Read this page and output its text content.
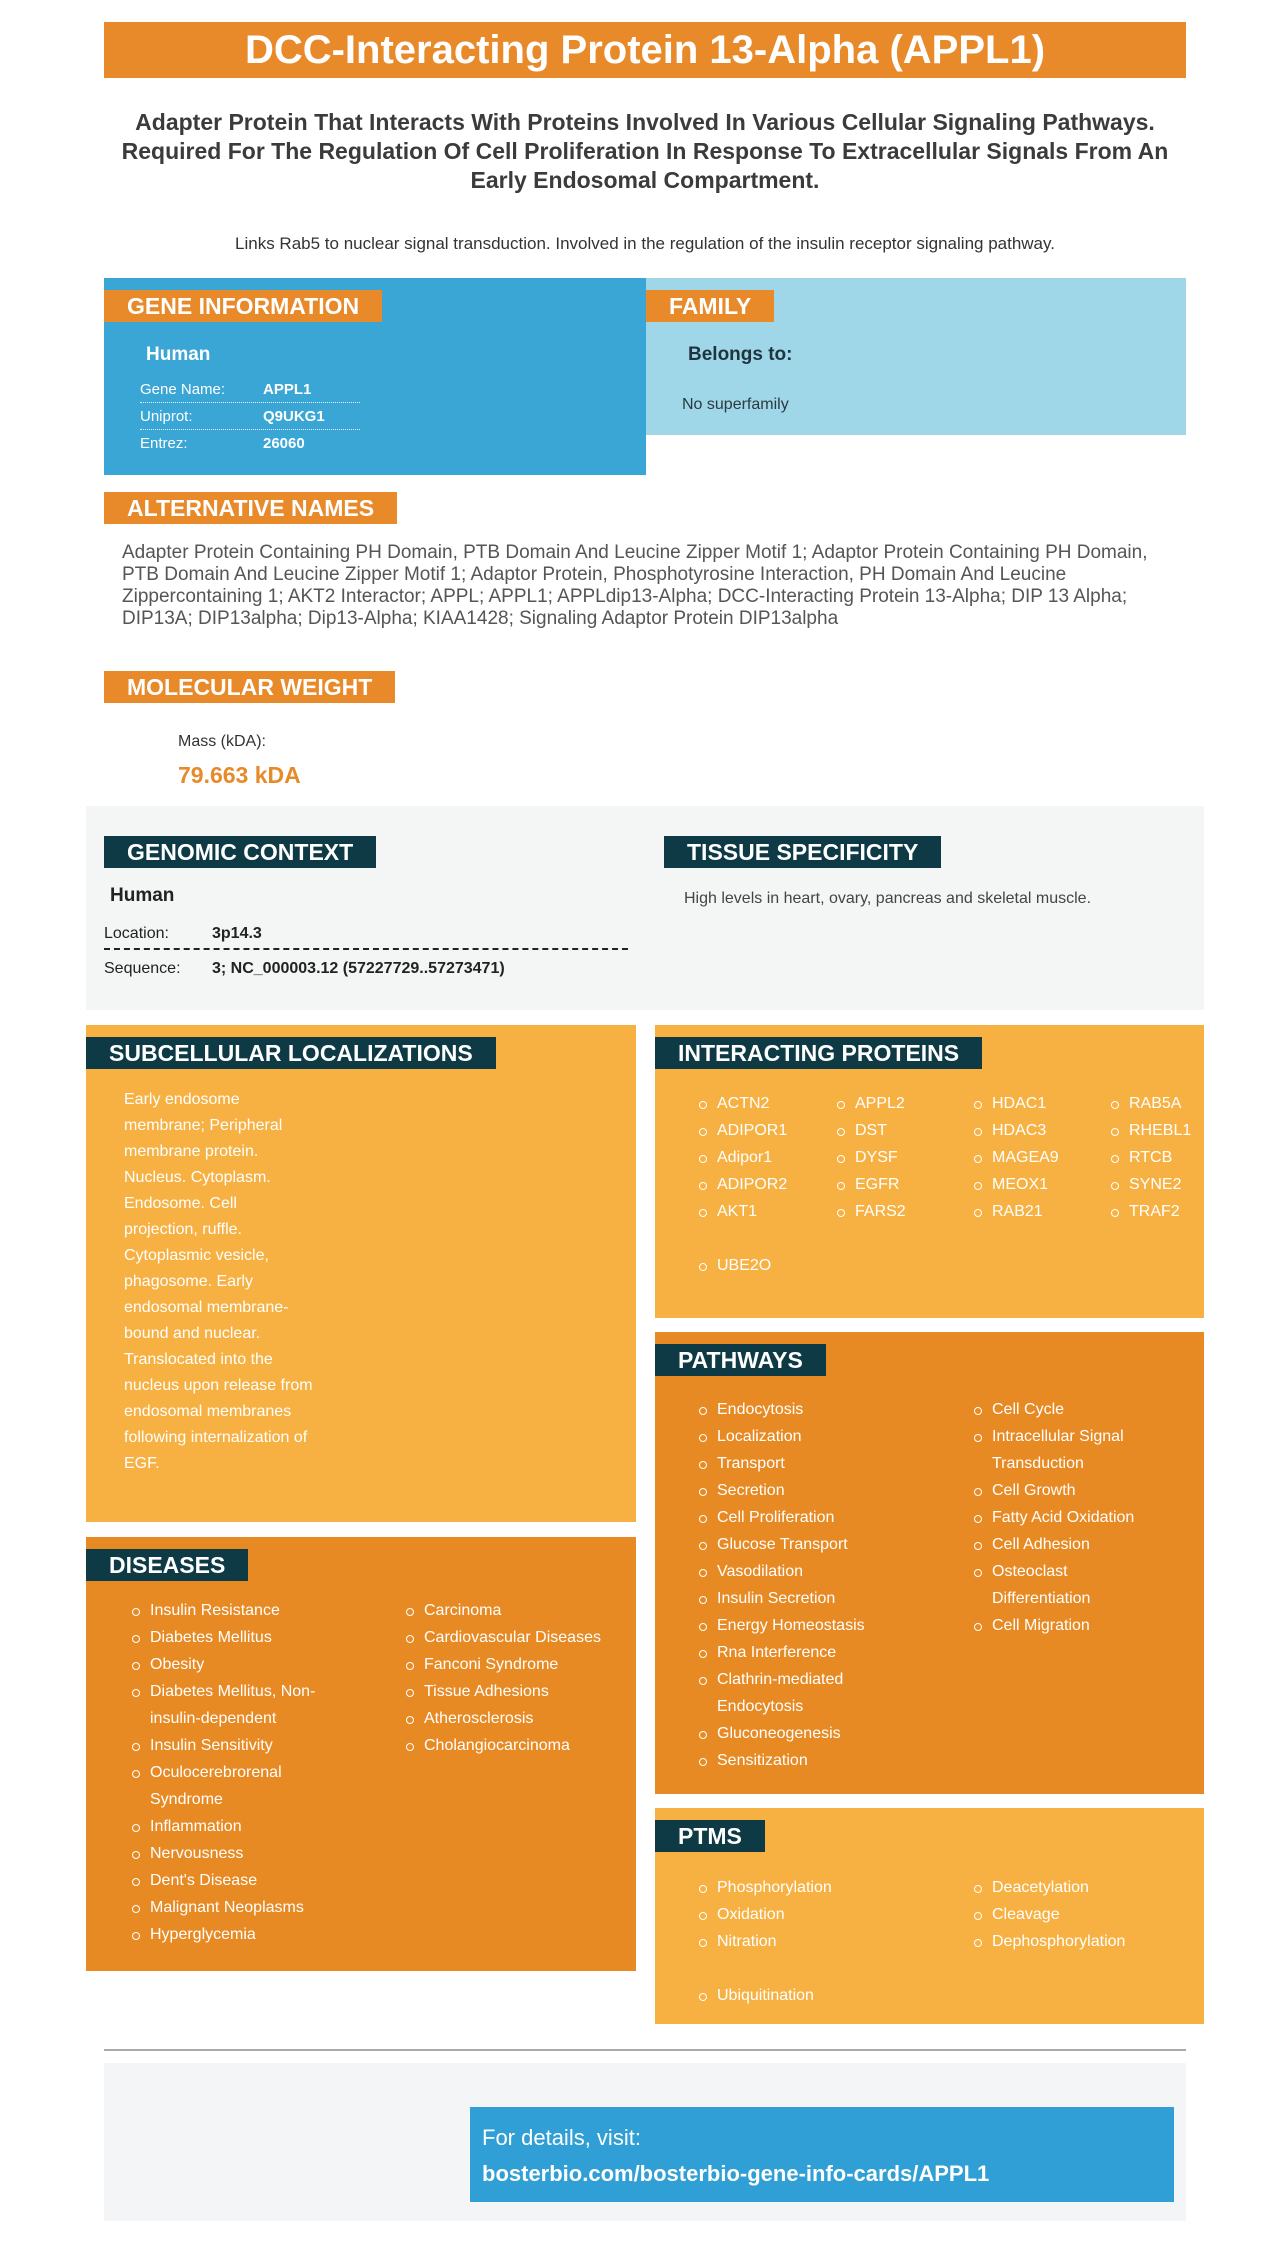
DCC-Interacting Protein 13-Alpha (APPL1)
Adapter Protein That Interacts With Proteins Involved In Various Cellular Signaling Pathways. Required For The Regulation Of Cell Proliferation In Response To Extracellular Signals From An Early Endosomal Compartment.
Links Rab5 to nuclear signal transduction. Involved in the regulation of the insulin receptor signaling pathway.
GENE INFORMATION
Human
Gene Name:	APPL1
Uniprot:	Q9UKG1
Entrez:	26060
FAMILY
Belongs to:
No superfamily
ALTERNATIVE NAMES
Adapter Protein Containing PH Domain, PTB Domain And Leucine Zipper Motif 1; Adaptor Protein Containing PH Domain, PTB Domain And Leucine Zipper Motif 1; Adaptor Protein, Phosphotyrosine Interaction, PH Domain And Leucine Zippercontaining 1; AKT2 Interactor; APPL; APPL1; APPLdip13-Alpha; DCC-Interacting Protein 13-Alpha; DIP 13 Alpha; DIP13A; DIP13alpha; Dip13-Alpha; KIAA1428; Signaling Adaptor Protein DIP13alpha
MOLECULAR WEIGHT
Mass (kDA):
79.663 kDA
GENOMIC CONTEXT
Human
Location:	3p14.3
Sequence:	3; NC_000003.12 (57227729..57273471)
TISSUE SPECIFICITY
High levels in heart, ovary, pancreas and skeletal muscle.
SUBCELLULAR LOCALIZATIONS
Early endosome membrane; Peripheral membrane protein. Nucleus. Cytoplasm. Endosome. Cell projection, ruffle. Cytoplasmic vesicle, phagosome. Early endosomal membrane-bound and nuclear. Translocated into the nucleus upon release from endosomal membranes following internalization of EGF.
DISEASES
Insulin Resistance
Diabetes Mellitus
Obesity
Diabetes Mellitus, Non-insulin-dependent
Insulin Sensitivity
Oculocerebrorenal Syndrome
Inflammation
Nervousness
Dent's Disease
Malignant Neoplasms
Hyperglycemia
Carcinoma
Cardiovascular Diseases
Fanconi Syndrome
Tissue Adhesions
Atherosclerosis
Cholangiocarcinoma
INTERACTING PROTEINS
ACTN2
ADIPOR1
Adipor1
ADIPOR2
AKT1
APPL2
DST
DYSF
EGFR
FARS2
HDAC1
HDAC3
MAGEA9
MEOX1
RAB21
RAB5A
RHEBL1
RTCB
SYNE2
TRAF2
UBE2O
PATHWAYS
Endocytosis
Localization
Transport
Secretion
Cell Proliferation
Glucose Transport
Vasodilation
Insulin Secretion
Energy Homeostasis
Rna Interference
Clathrin-mediated Endocytosis
Gluconeogenesis
Sensitization
Cell Cycle
Intracellular Signal Transduction
Cell Growth
Fatty Acid Oxidation
Cell Adhesion
Osteoclast Differentiation
Cell Migration
PTMS
Phosphorylation
Oxidation
Nitration
Deacetylation
Cleavage
Dephosphorylation
Ubiquitination
For details, visit:
bosterbio.com/bosterbio-gene-info-cards/APPL1
